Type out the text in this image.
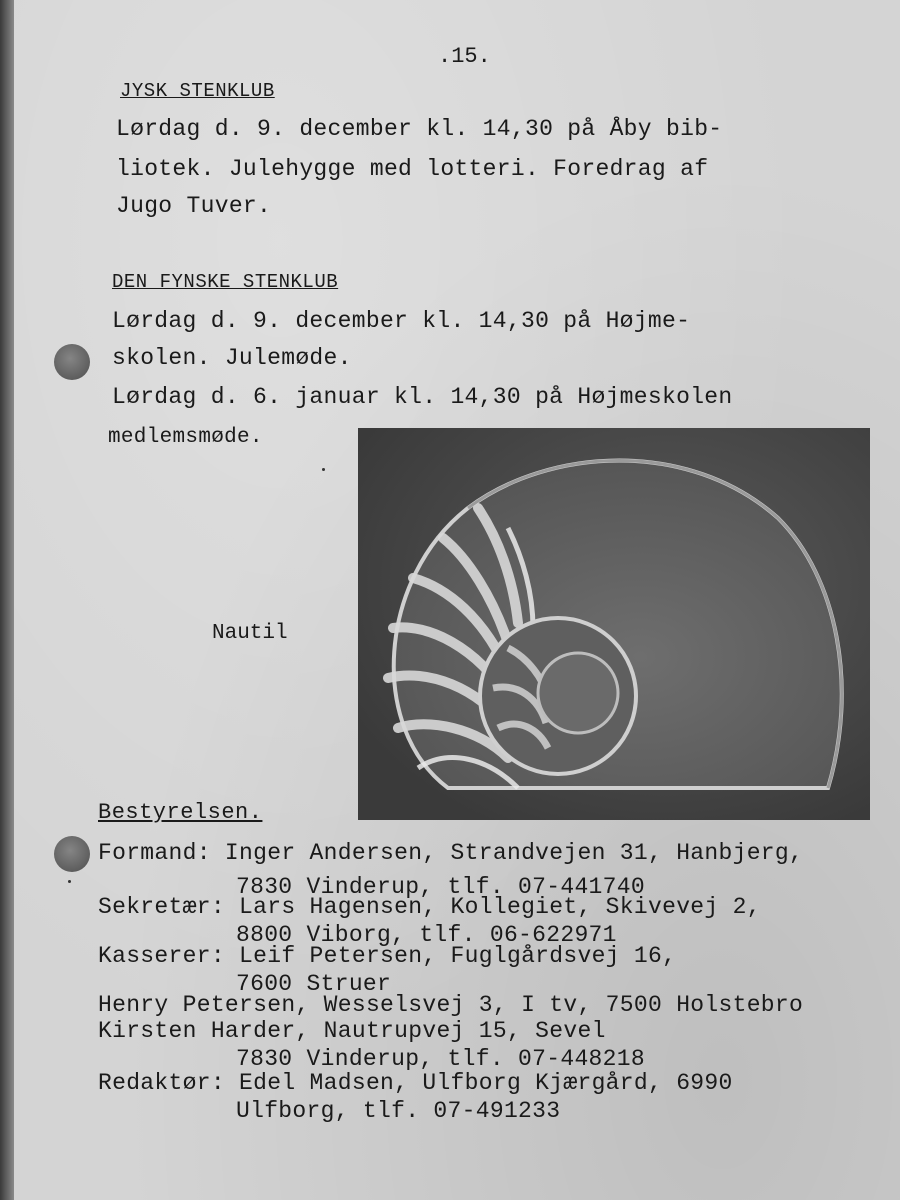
.15.
JYSK STENKLUB
Lørdag d. 9. december kl. 14,30 på Åby bib-
liotek. Julehygge med lotteri. Foredrag af
Jugo Tuver.
DEN FYNSKE STENKLUB
Lørdag d. 9. december kl. 14,30 på Højme-
skolen. Julemøde.
Lørdag d. 6. januar kl. 14,30 på Højmeskolen
medlemsmøde.
Nautil
Bestyrelsen.
Formand: Inger Andersen, Strandvejen 31, Hanbjerg,
7830 Vinderup, tlf. 07-441740
Sekretær: Lars Hagensen, Kollegiet, Skivevej 2,
8800 Viborg, tlf. 06-622971
Kasserer: Leif Petersen, Fuglgårdsvej 16,
7600 Struer
Henry Petersen, Wesselsvej 3, I tv, 7500 Holstebro
Kirsten Harder, Nautrupvej 15, Sevel
7830 Vinderup, tlf. 07-448218
Redaktør: Edel Madsen, Ulfborg Kjærgård, 6990
Ulfborg, tlf. 07-491233
